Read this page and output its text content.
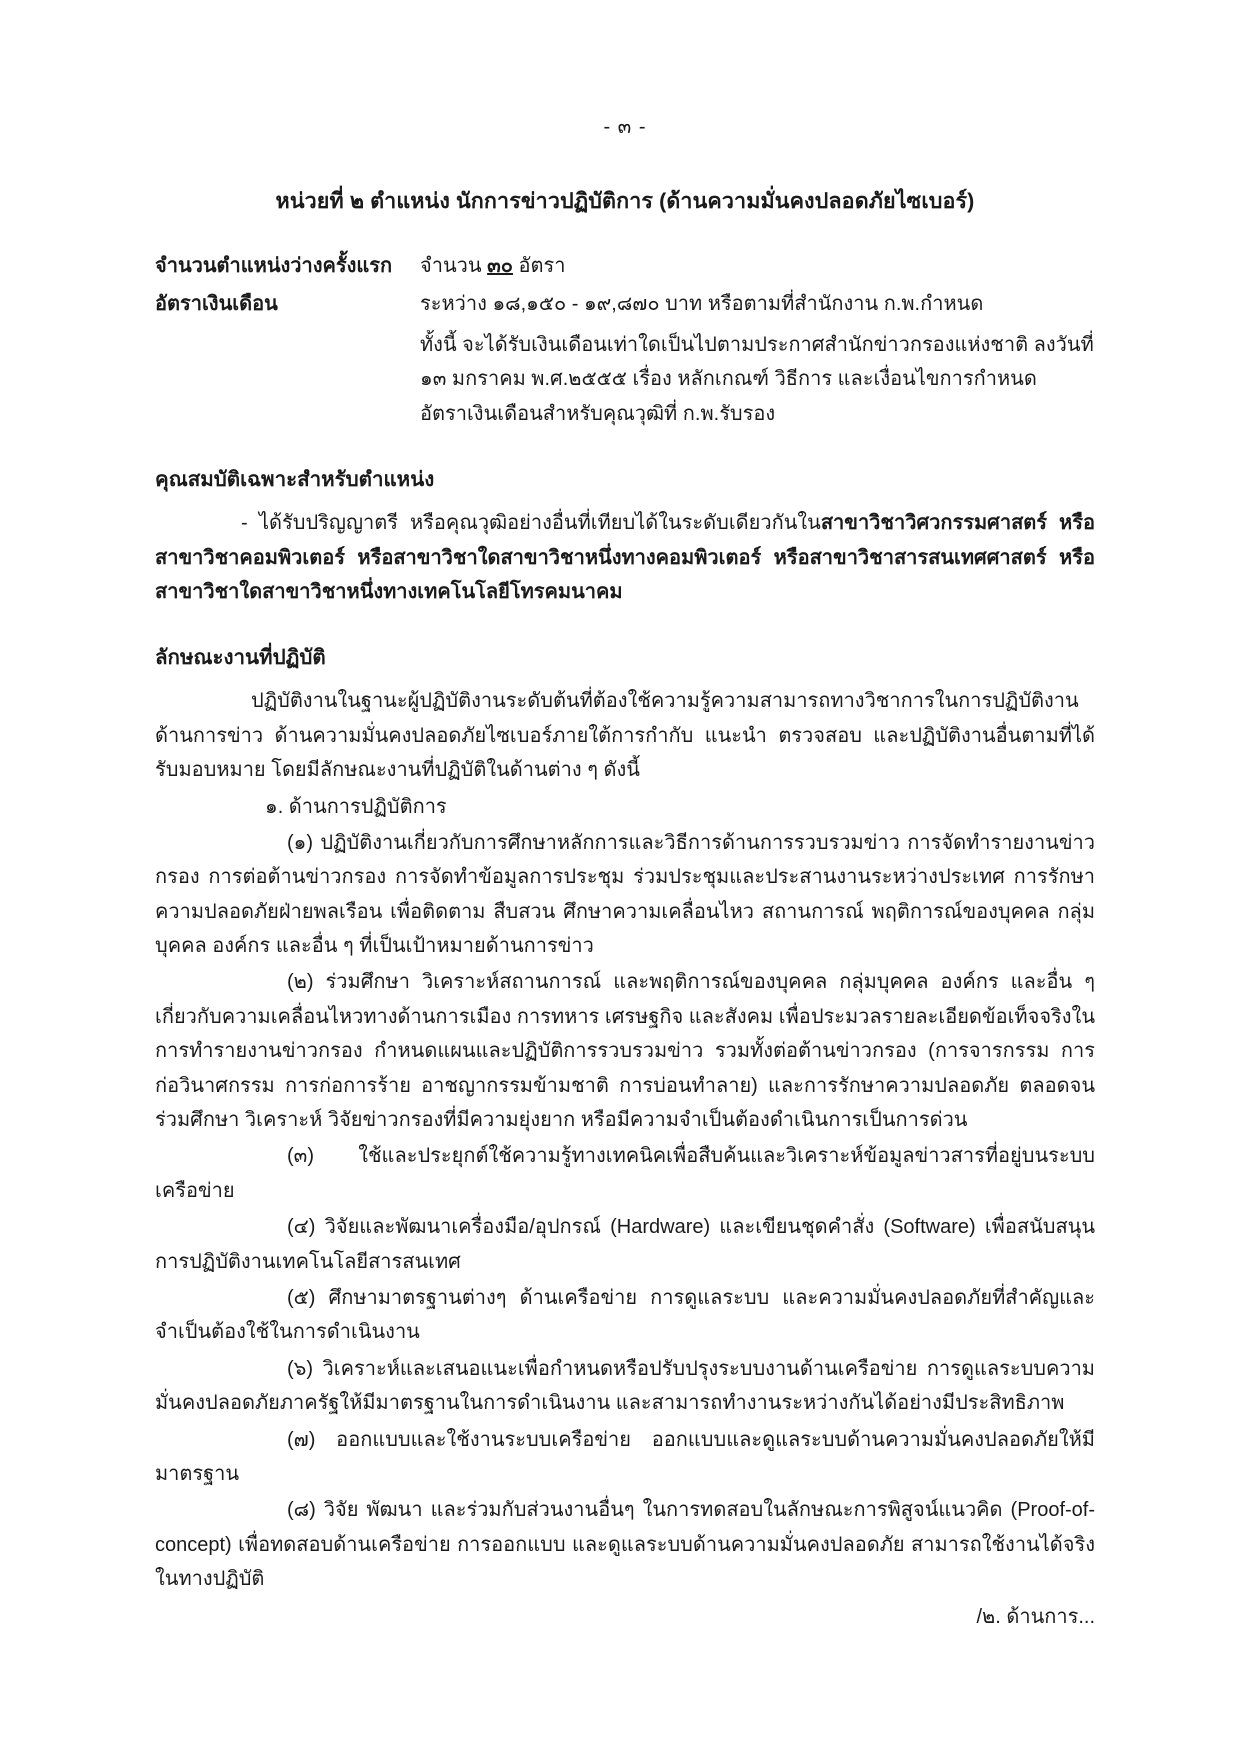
- ๓ -
หน่วยที่ ๒ ตำแหน่ง นักการข่าวปฏิบัติการ (ด้านความมั่นคงปลอดภัยไซเบอร์)
จำนวนตำแหน่งว่างครั้งแรก	จำนวน ๓๐ อัตรา
อัตราเงินเดือน	ระหว่าง ๑๘,๑๕๐ - ๑๙,๘๗๐ บาท หรือตามที่สำนักงาน ก.พ.กำหนด
ทั้งนี้ จะได้รับเงินเดือนเท่าใดเป็นไปตามประกาศสำนักข่าวกรองแห่งชาติ ลงวันที่
๑๓ มกราคม พ.ศ.๒๕๕๕ เรื่อง หลักเกณฑ์ วิธีการ และเงื่อนไขการกำหนด
อัตราเงินเดือนสำหรับคุณวุฒิที่ ก.พ.รับรอง
คุณสมบัติเฉพาะสำหรับตำแหน่ง
- ได้รับปริญญาตรี หรือคุณวุฒิอย่างอื่นที่เทียบได้ในระดับเดียวกันในสาขาวิชาวิศวกรรมศาสตร์ หรือสาขาวิชาคอมพิวเตอร์ หรือสาขาวิชาใดสาขาวิชาหนึ่งทางคอมพิวเตอร์ หรือสาขาวิชาสารสนเทศศาสตร์ หรือสาขาวิชาใดสาขาวิชาหนึ่งทางเทคโนโลยีโทรคมนาคม
ลักษณะงานที่ปฏิบัติ
ปฏิบัติงานในฐานะผู้ปฏิบัติงานระดับต้นที่ต้องใช้ความรู้ความสามารถทางวิชาการในการปฏิบัติงานด้านการข่าว ด้านความมั่นคงปลอดภัยไซเบอร์ภายใต้การกำกับ แนะนำ ตรวจสอบ และปฏิบัติงานอื่นตามที่ได้รับมอบหมาย โดยมีลักษณะงานที่ปฏิบัติในด้านต่าง ๆ ดังนี้
๑. ด้านการปฏิบัติการ
(๑) ปฏิบัติงานเกี่ยวกับการศึกษาหลักการและวิธีการด้านการรวบรวมข่าว การจัดทำรายงานข่าวกรอง การต่อต้านข่าวกรอง การจัดทำข้อมูลการประชุม ร่วมประชุมและประสานงานระหว่างประเทศ การรักษาความปลอดภัยฝ่ายพลเรือน เพื่อติดตาม สืบสวน ศึกษาความเคลื่อนไหว สถานการณ์ พฤติการณ์ของบุคคล กลุ่มบุคคล องค์กร และอื่น ๆ ที่เป็นเป้าหมายด้านการข่าว
(๒) ร่วมศึกษา วิเคราะห์สถานการณ์ และพฤติการณ์ของบุคคล กลุ่มบุคคล องค์กร และอื่น ๆ เกี่ยวกับความเคลื่อนไหวทางด้านการเมือง การทหาร เศรษฐกิจ และสังคม เพื่อประมวลรายละเอียดข้อเท็จจริงในการทำรายงานข่าวกรอง กำหนดแผนและปฏิบัติการรวบรวมข่าว รวมทั้งต่อต้านข่าวกรอง (การจารกรรม การก่อวินาศกรรม การก่อการร้าย อาชญากรรมข้ามชาติ การบ่อนทำลาย) และการรักษาความปลอดภัย ตลอดจนร่วมศึกษา วิเคราะห์ วิจัยข่าวกรองที่มีความยุ่งยาก หรือมีความจำเป็นต้องดำเนินการเป็นการด่วน
(๓) ใช้และประยุกต์ใช้ความรู้ทางเทคนิคเพื่อสืบค้นและวิเคราะห์ข้อมูลข่าวสารที่อยู่บนระบบเครือข่าย
(๔) วิจัยและพัฒนาเครื่องมือ/อุปกรณ์ (Hardware) และเขียนชุดคำสั่ง (Software) เพื่อสนับสนุนการปฏิบัติงานเทคโนโลยีสารสนเทศ
(๕) ศึกษามาตรฐานต่างๆ ด้านเครือข่าย การดูแลระบบ และความมั่นคงปลอดภัยที่สำคัญและจำเป็นต้องใช้ในการดำเนินงาน
(๖) วิเคราะห์และเสนอแนะเพื่อกำหนดหรือปรับปรุงระบบงานด้านเครือข่าย การดูแลระบบความมั่นคงปลอดภัยภาครัฐให้มีมาตรฐานในการดำเนินงาน และสามารถทำงานระหว่างกันได้อย่างมีประสิทธิภาพ
(๗) ออกแบบและใช้งานระบบเครือข่าย ออกแบบและดูแลระบบด้านความมั่นคงปลอดภัยให้มีมาตรฐาน
(๘) วิจัย พัฒนา และร่วมกับส่วนงานอื่นๆ ในการทดสอบในลักษณะการพิสูจน์แนวคิด (Proof-of-concept) เพื่อทดสอบด้านเครือข่าย การออกแบบ และดูแลระบบด้านความมั่นคงปลอดภัย สามารถใช้งานได้จริงในทางปฏิบัติ
/๒. ด้านการ...
